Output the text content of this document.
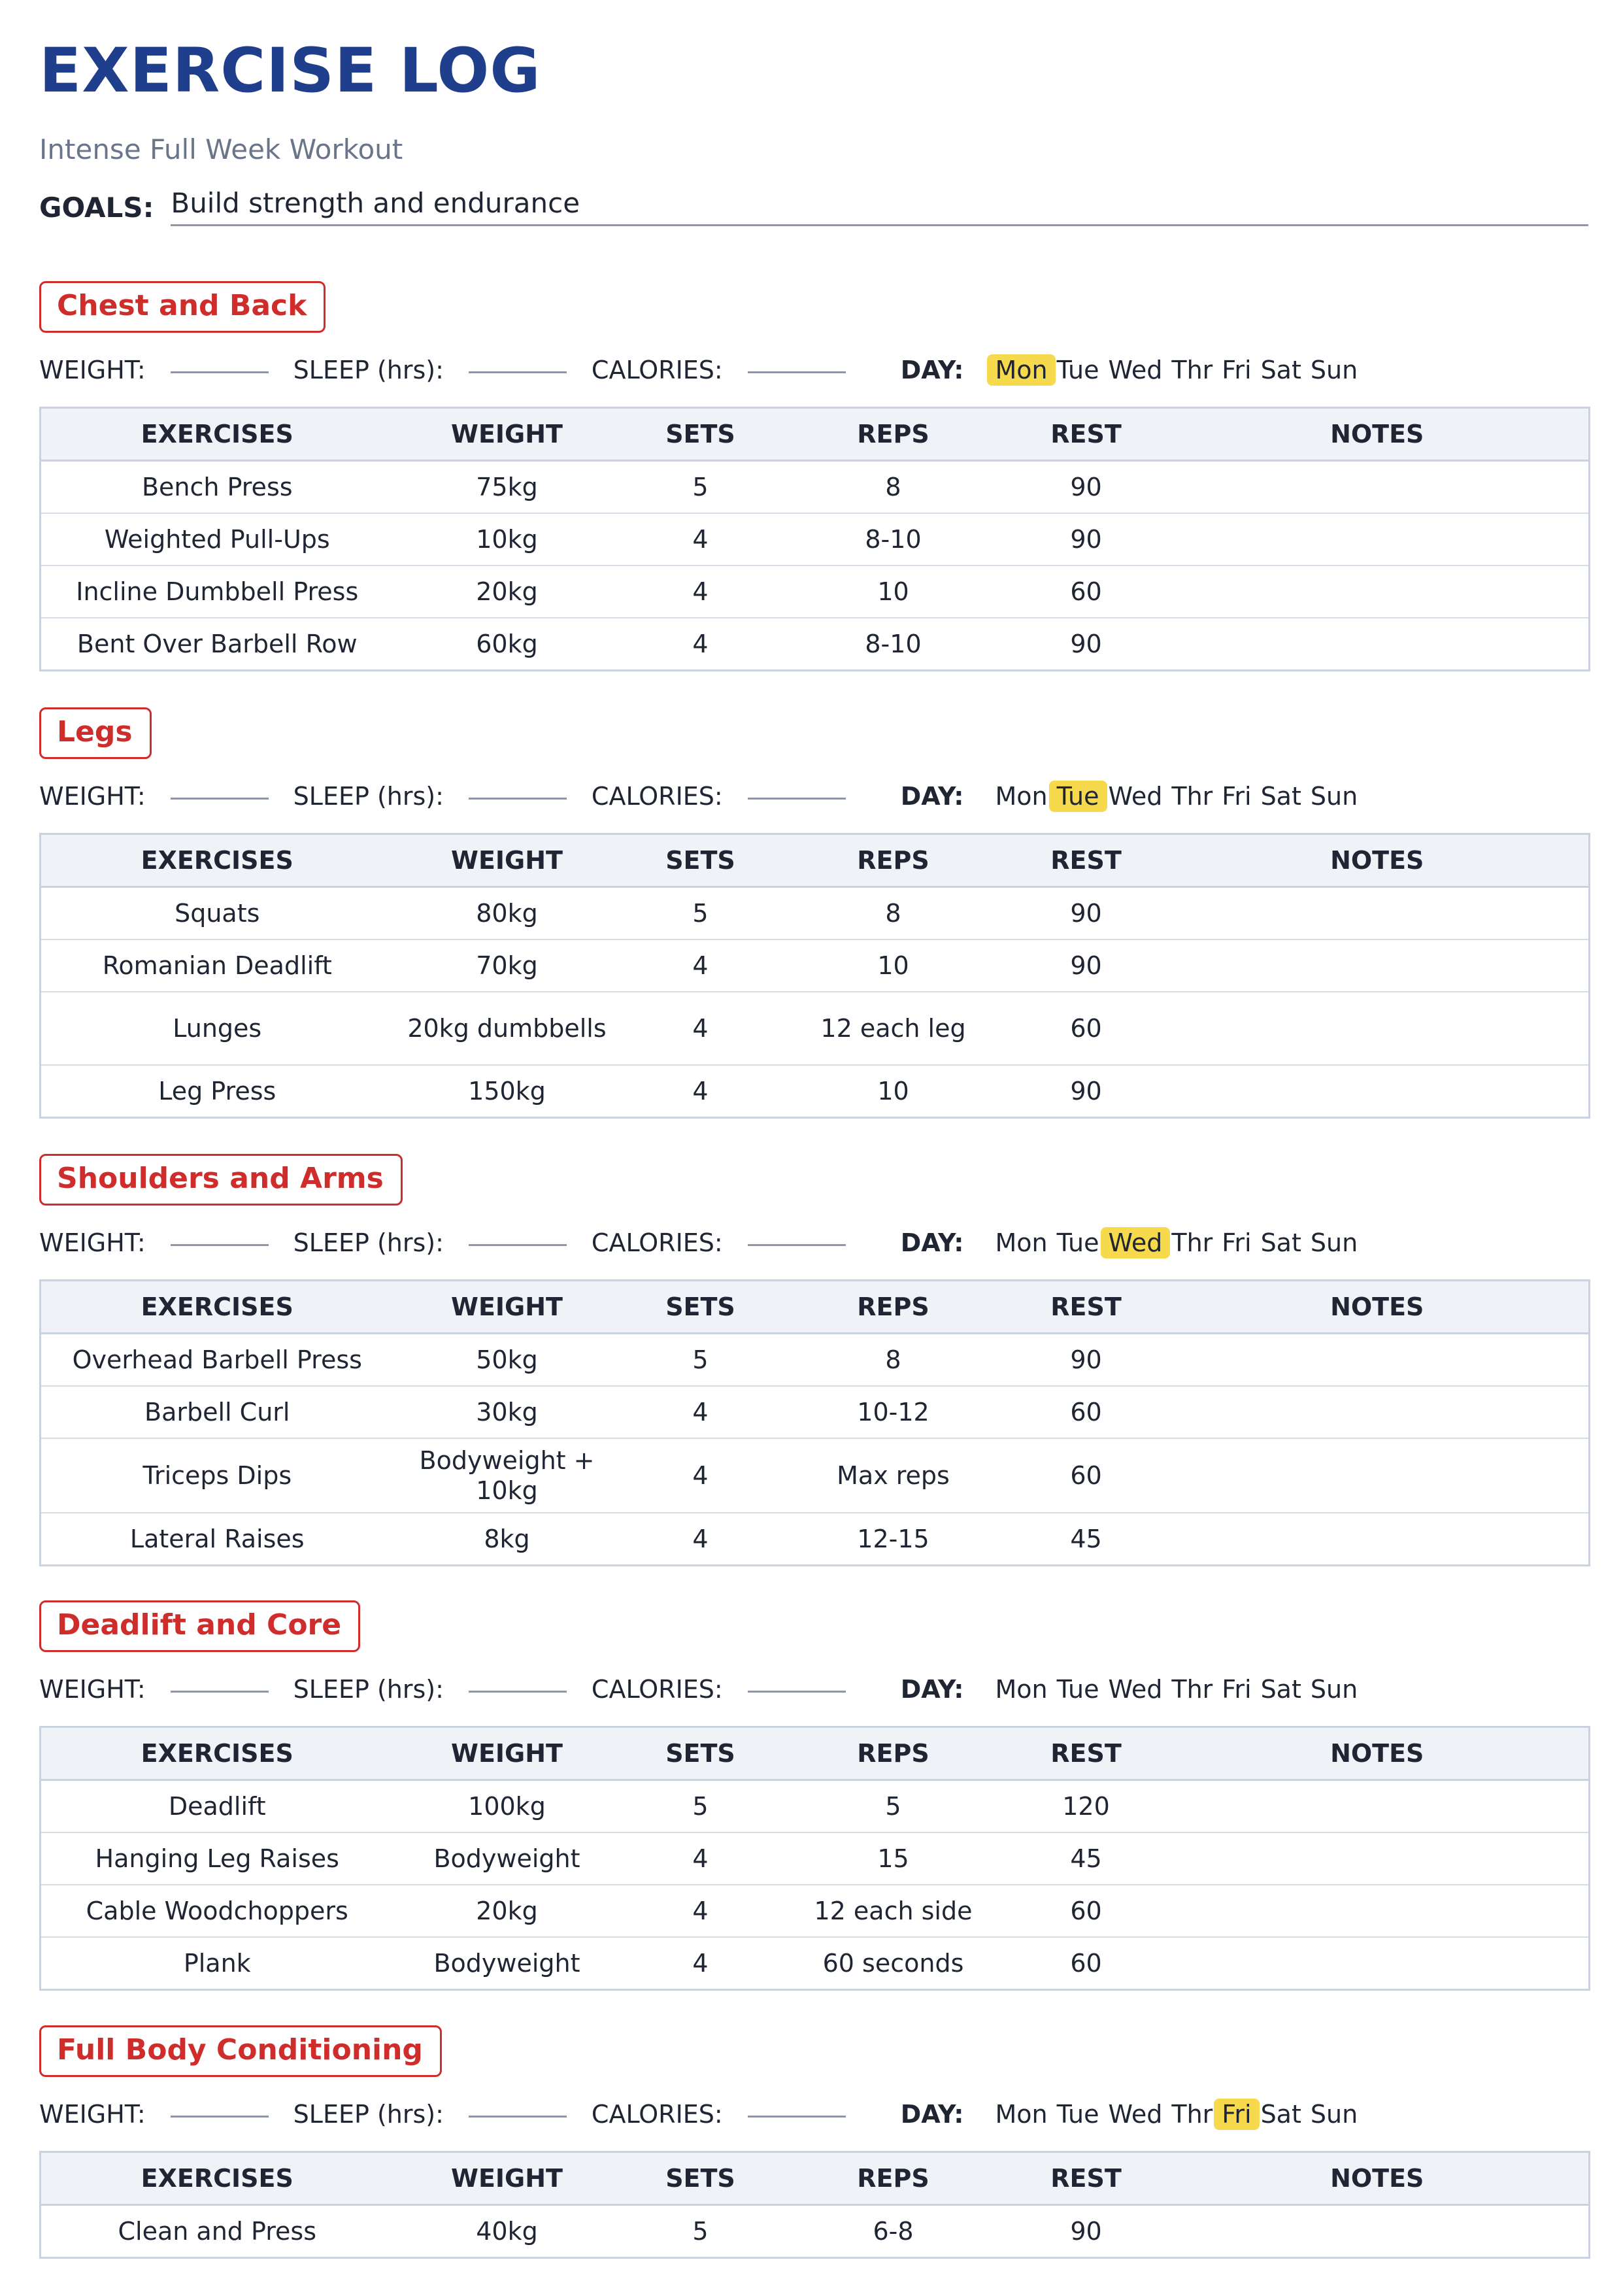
EXERCISE LOG
Intense Full Week Workout
GOALS: Build strength and endurance
Chest and Back
WEIGHT:	SLEEP (hrs):	CALORIES:	DAY:	Mon Tue Wed Thr Fri Sat Sun
EXERCISES	WEIGHT	SETS	REPS	REST	NOTES
Bench Press	75kg	5	8	90	
Weighted Pull-Ups	10kg	4	8-10	90	
Incline Dumbbell Press	20kg	4	10	60	
Bent Over Barbell Row	60kg	4	8-10	90	
Legs
WEIGHT:	SLEEP (hrs):	CALORIES:	DAY:	Mon Tue Wed Thr Fri Sat Sun
EXERCISES	WEIGHT	SETS	REPS	REST	NOTES
Squats	80kg	5	8	90	
Romanian Deadlift	70kg	4	10	90	
Lunges	20kg dumbbells	4	12 each leg	60	
Leg Press	150kg	4	10	90	
Shoulders and Arms
WEIGHT:	SLEEP (hrs):	CALORIES:	DAY:	Mon Tue Wed Thr Fri Sat Sun
EXERCISES	WEIGHT	SETS	REPS	REST	NOTES
Overhead Barbell Press	50kg	5	8	90	
Barbell Curl	30kg	4	10-12	60	
Triceps Dips	Bodyweight + 10kg	4	Max reps	60	
Lateral Raises	8kg	4	12-15	45	
Deadlift and Core
WEIGHT:	SLEEP (hrs):	CALORIES:	DAY:	Mon Tue Wed Thr Fri Sat Sun
EXERCISES	WEIGHT	SETS	REPS	REST	NOTES
Deadlift	100kg	5	5	120	
Hanging Leg Raises	Bodyweight	4	15	45	
Cable Woodchoppers	20kg	4	12 each side	60	
Plank	Bodyweight	4	60 seconds	60	
Full Body Conditioning
WEIGHT:	SLEEP (hrs):	CALORIES:	DAY:	Mon Tue Wed Thr Fri Sat Sun
EXERCISES	WEIGHT	SETS	REPS	REST	NOTES
Clean and Press	40kg	5	6-8	90	
